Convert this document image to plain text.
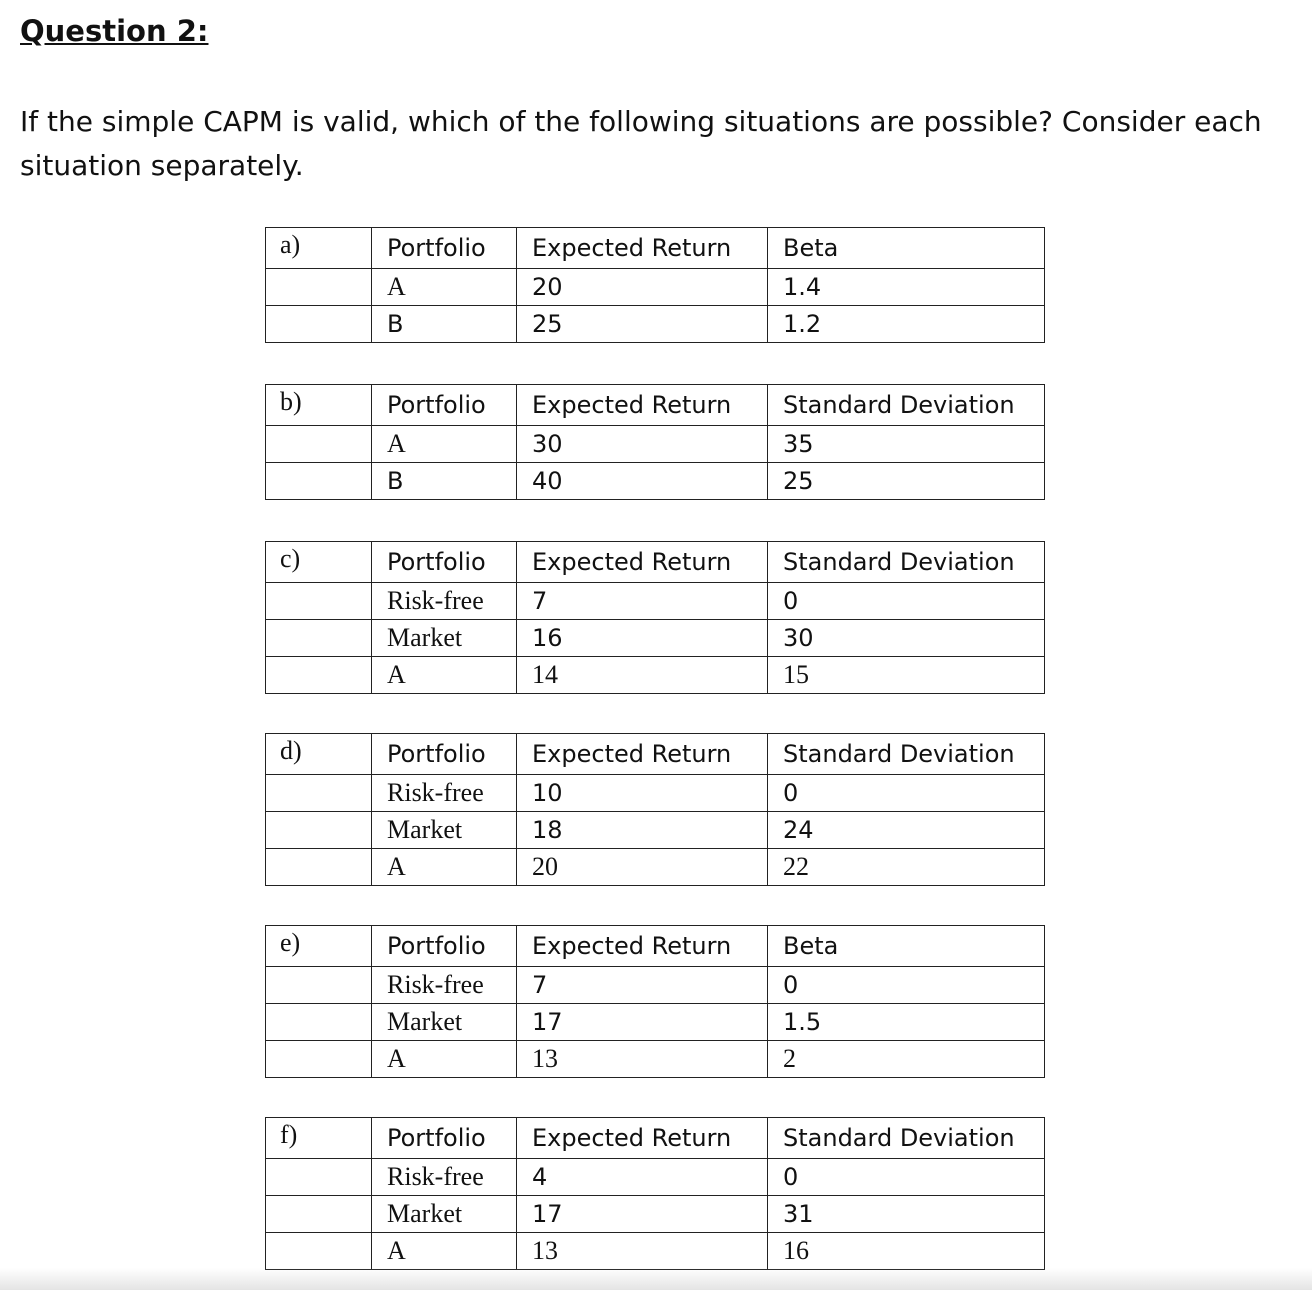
Question 2:
If the simple CAPM is valid, which of the following situations are possible? Consider each situation separately.
a)	Portfolio	Expected Return	Beta
	A	20	1.4
	B	25	1.2
b)	Portfolio	Expected Return	Standard Deviation
	A	30	35
	B	40	25
c)	Portfolio	Expected Return	Standard Deviation
	Risk-free	7	0
	Market	16	30
	A	14	15
d)	Portfolio	Expected Return	Standard Deviation
	Risk-free	10	0
	Market	18	24
	A	20	22
e)	Portfolio	Expected Return	Beta
	Risk-free	7	0
	Market	17	1.5
	A	13	2
f)	Portfolio	Expected Return	Standard Deviation
	Risk-free	4	0
	Market	17	31
	A	13	16
